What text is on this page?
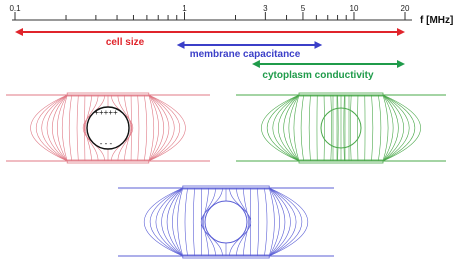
0.1	1	3	5	10	20
f [MHz]
cell size
membrane capacitance
cytoplasm conductivity
+++++
- - -
